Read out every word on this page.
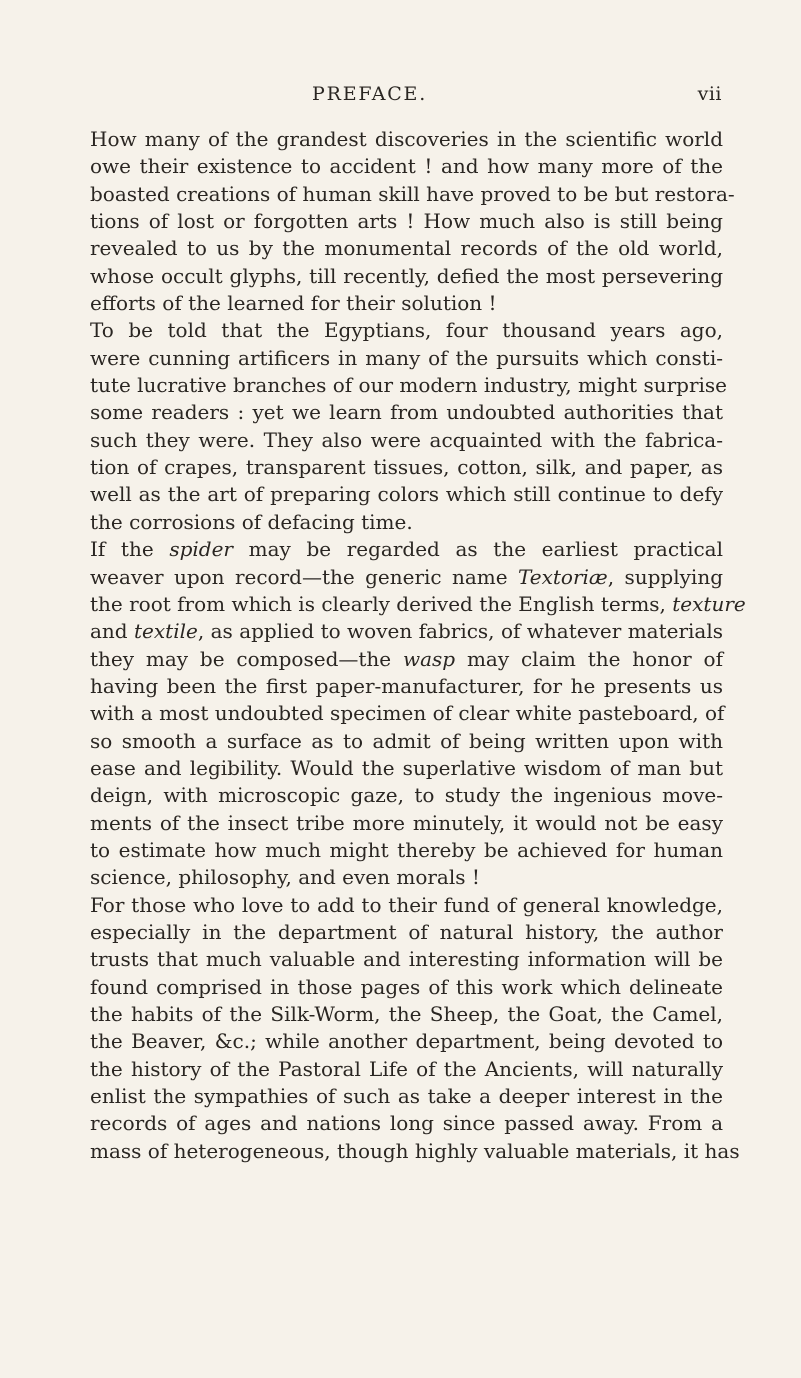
PREFACE.	vii
How many of the grandest discoveries in the scientific world
owe their existence to accident ! and how many more of the
boasted creations of human skill have proved to be but restora-
tions of lost or forgotten arts ! How much also is still being
revealed to us by the monumental records of the old world,
whose occult glyphs, till recently, defied the most persevering
efforts of the learned for their solution !
To be told that the Egyptians, four thousand years ago,
were cunning artificers in many of the pursuits which consti-
tute lucrative branches of our modern industry, might surprise
some readers : yet we learn from undoubted authorities that
such they were. They also were acquainted with the fabrica-
tion of crapes, transparent tissues, cotton, silk, and paper, as
well as the art of preparing colors which still continue to defy
the corrosions of defacing time.
If the spider may be regarded as the earliest practical
weaver upon record—the generic name Textoriæ, supplying
the root from which is clearly derived the English terms, texture
and textile, as applied to woven fabrics, of whatever materials
they may be composed—the wasp may claim the honor of
having been the first paper-manufacturer, for he presents us
with a most undoubted specimen of clear white pasteboard, of
so smooth a surface as to admit of being written upon with
ease and legibility. Would the superlative wisdom of man but
deign, with microscopic gaze, to study the ingenious move-
ments of the insect tribe more minutely, it would not be easy
to estimate how much might thereby be achieved for human
science, philosophy, and even morals !
For those who love to add to their fund of general knowledge,
especially in the department of natural history, the author
trusts that much valuable and interesting information will be
found comprised in those pages of this work which delineate
the habits of the Silk-Worm, the Sheep, the Goat, the Camel,
the Beaver, &c.; while another department, being devoted to
the history of the Pastoral Life of the Ancients, will naturally
enlist the sympathies of such as take a deeper interest in the
records of ages and nations long since passed away. From a
mass of heterogeneous, though highly valuable materials, it has
